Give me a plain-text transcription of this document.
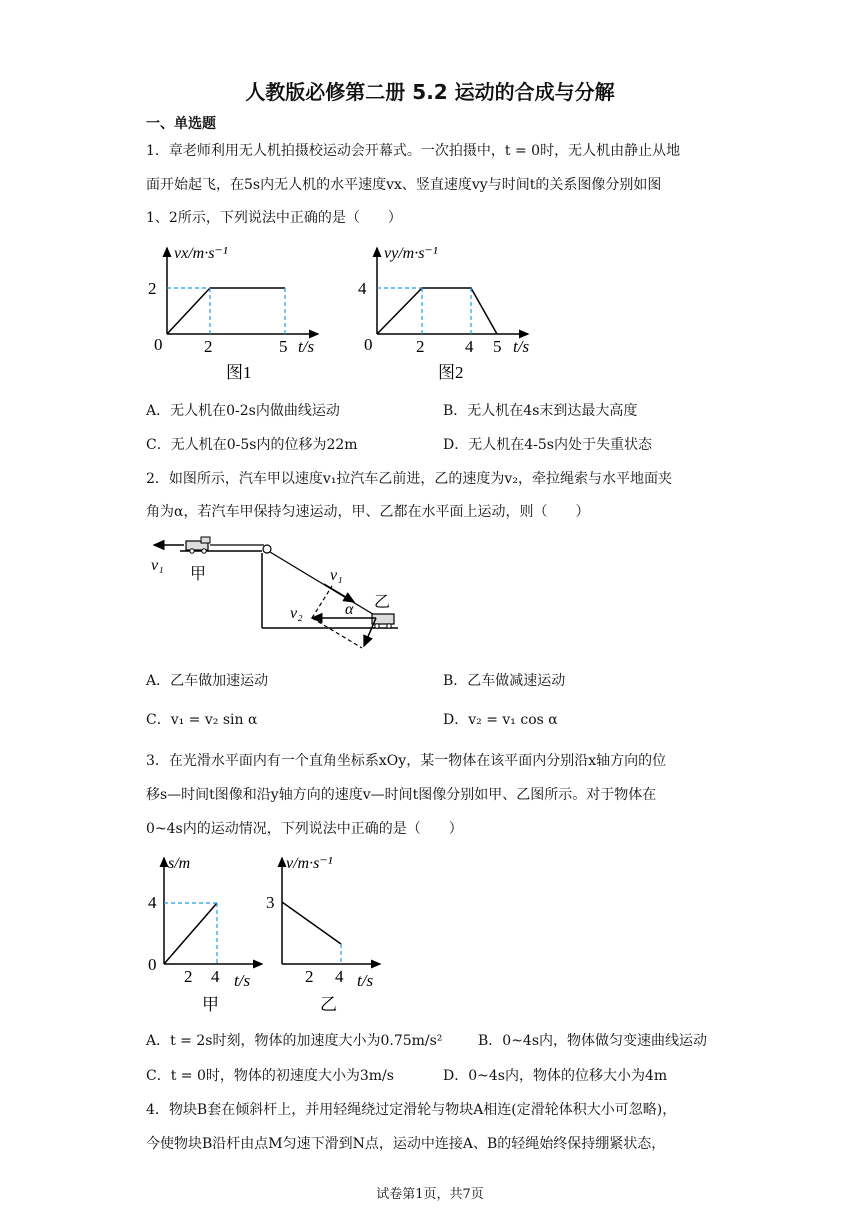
人教版必修第二册 5.2 运动的合成与分解
一、单选题
1．章老师利用无人机拍摄校运动会开幕式。一次拍摄中，t = 0时，无人机由静止从地
面开始起飞，在5s内无人机的水平速度vx、竖直速度vy与时间t的关系图像分别如图
1、2所示，下列说法中正确的是（　　）
vx/m·s⁻¹
2
0 2	5 t/s
图1
vy/m·s⁻¹
4
0	2 4 5 t/s
图2
A．无人机在0-2s内做曲线运动	B．无人机在4s末到达最大高度
C．无人机在0-5s内的位移为22m	D．无人机在4-5s内处于失重状态
2．如图所示，汽车甲以速度v₁拉汽车乙前进，乙的速度为v₂，牵拉绳索与水平地面夹
角为α，若汽车甲保持匀速运动，甲、乙都在水平面上运动，则（　　）
v₁
甲	v₁
乙
α
v₂
A．乙车做加速运动	B．乙车做减速运动
C．v₁ = v₂ sin α	D．v₂ = v₁ cos α
3．在光滑水平面内有一个直角坐标系xOy，某一物体在该平面内分别沿x轴方向的位
移s—时间t图像和沿y轴方向的速度v—时间t图像分别如甲、乙图所示。对于物体在
0~4s内的运动情况，下列说法中正确的是（　　）
s/m
4
0
2 4 t/s
甲
v/m·s⁻¹
3
2 4 t/s
乙
A．t = 2s时刻，物体的加速度大小为0.75m/s²	B．0~4s内，物体做匀变速曲线运动
C．t = 0时，物体的初速度大小为3m/s	D．0~4s内，物体的位移大小为4m
4．物块B套在倾斜杆上，并用轻绳绕过定滑轮与物块A相连(定滑轮体积大小可忽略)，
今使物块B沿杆由点M匀速下滑到N点，运动中连接A、B的轻绳始终保持绷紧状态，
试卷第1页，共7页
